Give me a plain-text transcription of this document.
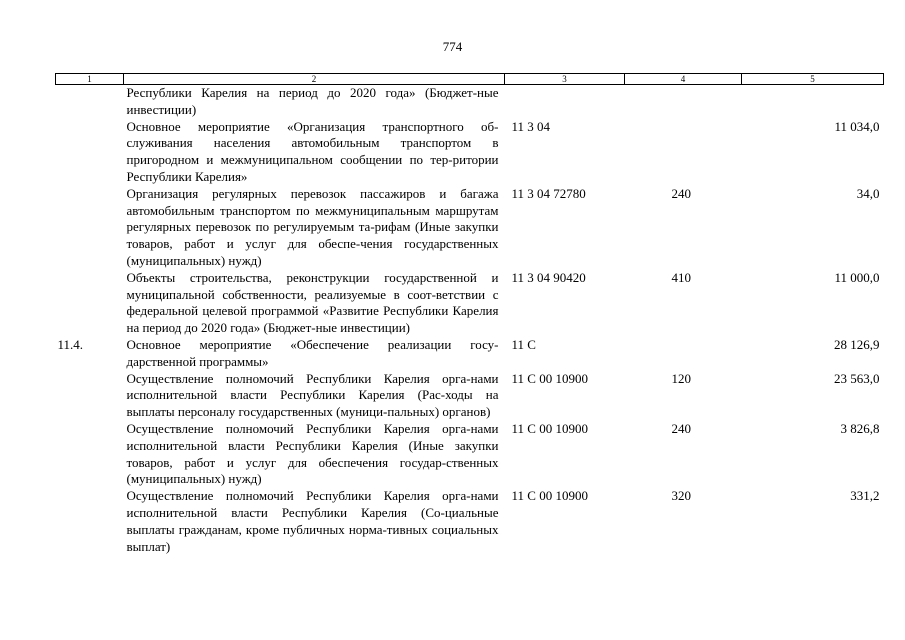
774
1	2	3	4	5
	Республики Карелия на период до 2020 года» (Бюджет-ные инвестиции)			
	Основное мероприятие «Организация транспортного об-служивания населения автомобильным транспортом в пригородном и межмуниципальном сообщении по тер-ритории Республики Карелия»	11 3 04		11 034,0
	Организация регулярных перевозок пассажиров и багажа автомобильным транспортом по межмуниципальным маршрутам регулярных перевозок по регулируемым та-рифам (Иные закупки товаров, работ и услуг для обеспе-чения государственных (муниципальных) нужд)	11 3 04 72780	240	34,0
	Объекты строительства, реконструкции государственной и муниципальной собственности, реализуемые в соот-ветствии с федеральной целевой программой «Развитие Республики Карелия на период до 2020 года» (Бюджет-ные инвестиции)	11 3 04 90420	410	11 000,0
11.4.	Основное мероприятие «Обеспечение реализации госу-дарственной программы»	11 С		28 126,9
	Осуществление полномочий Республики Карелия орга-нами исполнительной власти Республики Карелия (Рас-ходы на выплаты персоналу государственных (муници-пальных) органов)	11 С 00 10900	120	23 563,0
	Осуществление полномочий Республики Карелия орга-нами исполнительной власти Республики Карелия (Иные закупки товаров, работ и услуг для обеспечения государ-ственных (муниципальных) нужд)	11 С 00 10900	240	3 826,8
	Осуществление полномочий Республики Карелия орга-нами исполнительной власти Республики Карелия (Со-циальные выплаты гражданам, кроме публичных норма-тивных социальных выплат)	11 С 00 10900	320	331,2
